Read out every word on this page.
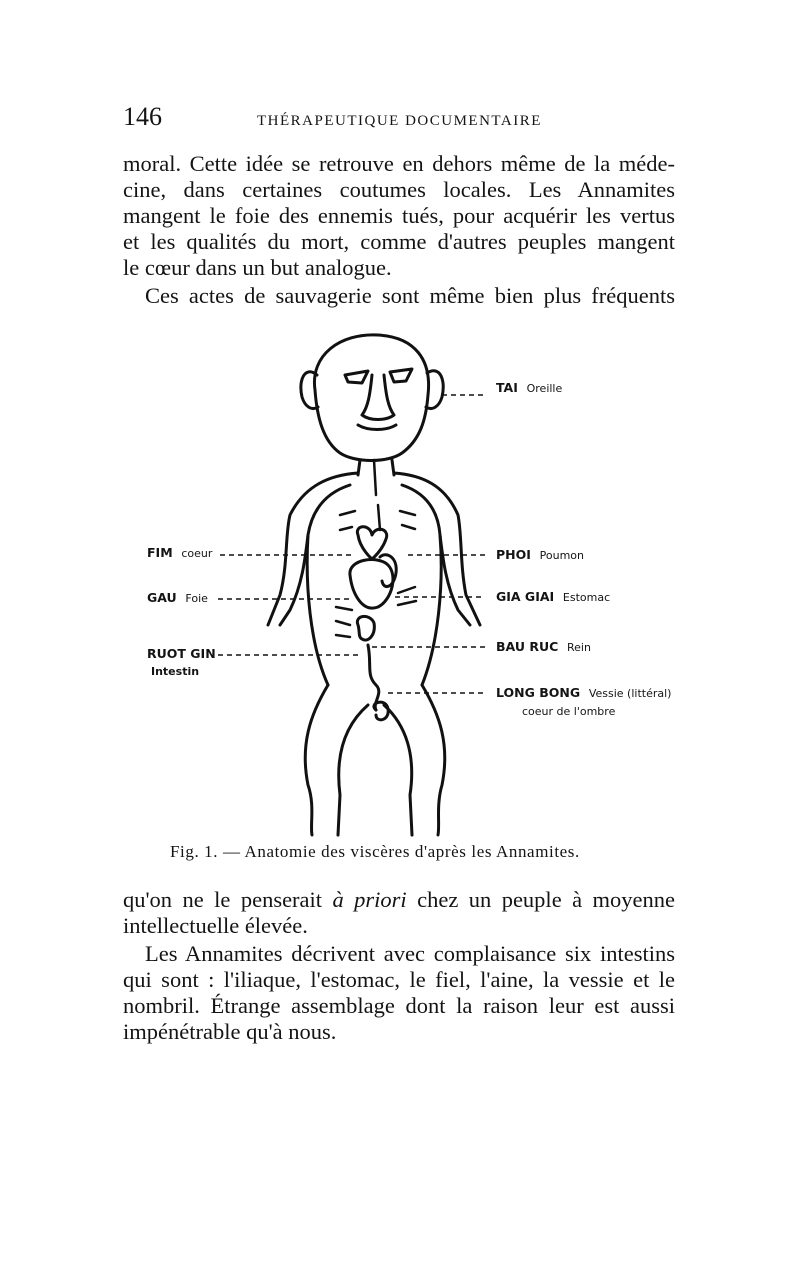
146	THÉRAPEUTIQUE DOCUMENTAIRE
moral. Cette idée se retrouve en dehors même de la méde-
cine, dans certaines coutumes locales. Les Annamites
mangent le foie des ennemis tués, pour acquérir les vertus
et les qualités du mort, comme d'autres peuples mangent
le cœur dans un but analogue.
Ces actes de sauvagerie sont même bien plus fréquents
TAI Oreille
PHOI Poumon
GIA GIAI Estomac
BAU RUC Rein
LONG BONG Vessie (littéral)
coeur de l'ombre
FIM coeur
GAU Foie
RUOT GIN
Intestin
Fig. 1. — Anatomie des viscères d'après les Annamites.
qu'on ne le penserait à priori chez un peuple à moyenne
intellectuelle élevée.
Les Annamites décrivent avec complaisance six intestins
qui sont : l'iliaque, l'estomac, le fiel, l'aine, la vessie et le
nombril. Étrange assemblage dont la raison leur est aussi
impénétrable qu'à nous.
